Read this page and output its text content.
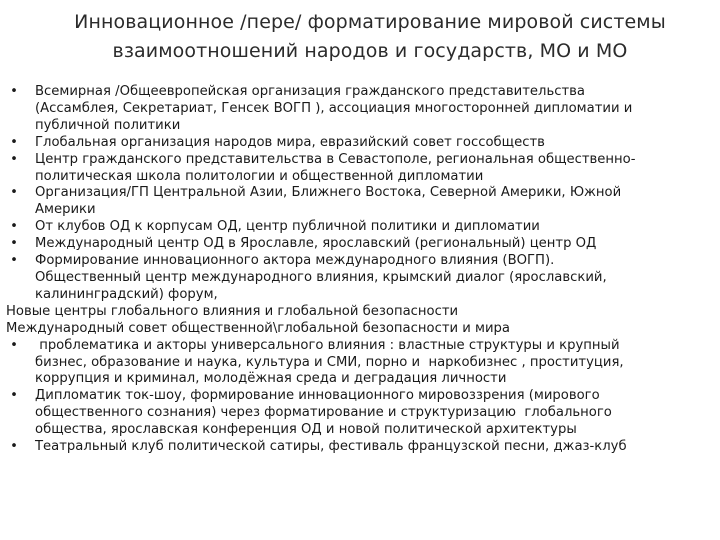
Инновационное /пере/ форматирование мировой системы
взаимоотношений народов и государств, МО и МО
• Всемирная /Общеевропейская организация гражданского представительства
(Ассамблея, Секретариат, Генсек ВОГП ), ассоциация многосторонней дипломатии и
публичной политики
• Глобальная организация народов мира, евразийский совет госсобществ
• Центр гражданского представительства в Севастополе, региональная общественно-
политическая школа политологии и общественной дипломатии
• Организация/ГП Центральной Азии, Ближнего Востока, Северной Америки, Южной
Америки
• От клубов ОД к корпусам ОД, центр публичной политики и дипломатии
• Международный центр ОД в Ярославле, ярославский (региональный) центр ОД
• Формирование инновационного актора международного влияния (ВОГП).
Общественный центр международного влияния, крымский диалог (ярославский,
калининградский) форум,
Новые центры глобального влияния и глобальной безопасности
Международный совет общественной\глобальной безопасности и мира
• проблематика и акторы универсального влияния : властные структуры и крупный
бизнес, образование и наука, культура и СМИ, порно и  наркобизнес , проституция,
коррупция и криминал, молодёжная среда и деградация личности
• Дипломатик ток-шоу, формирование инновационного мировоззрения (мирового
общественного сознания) через форматирование и структуризацию  глобального
общества, ярославская конференция ОД и новой политической архитектуры
• Театральный клуб политической сатиры, фестиваль французской песни, джаз-клуб
